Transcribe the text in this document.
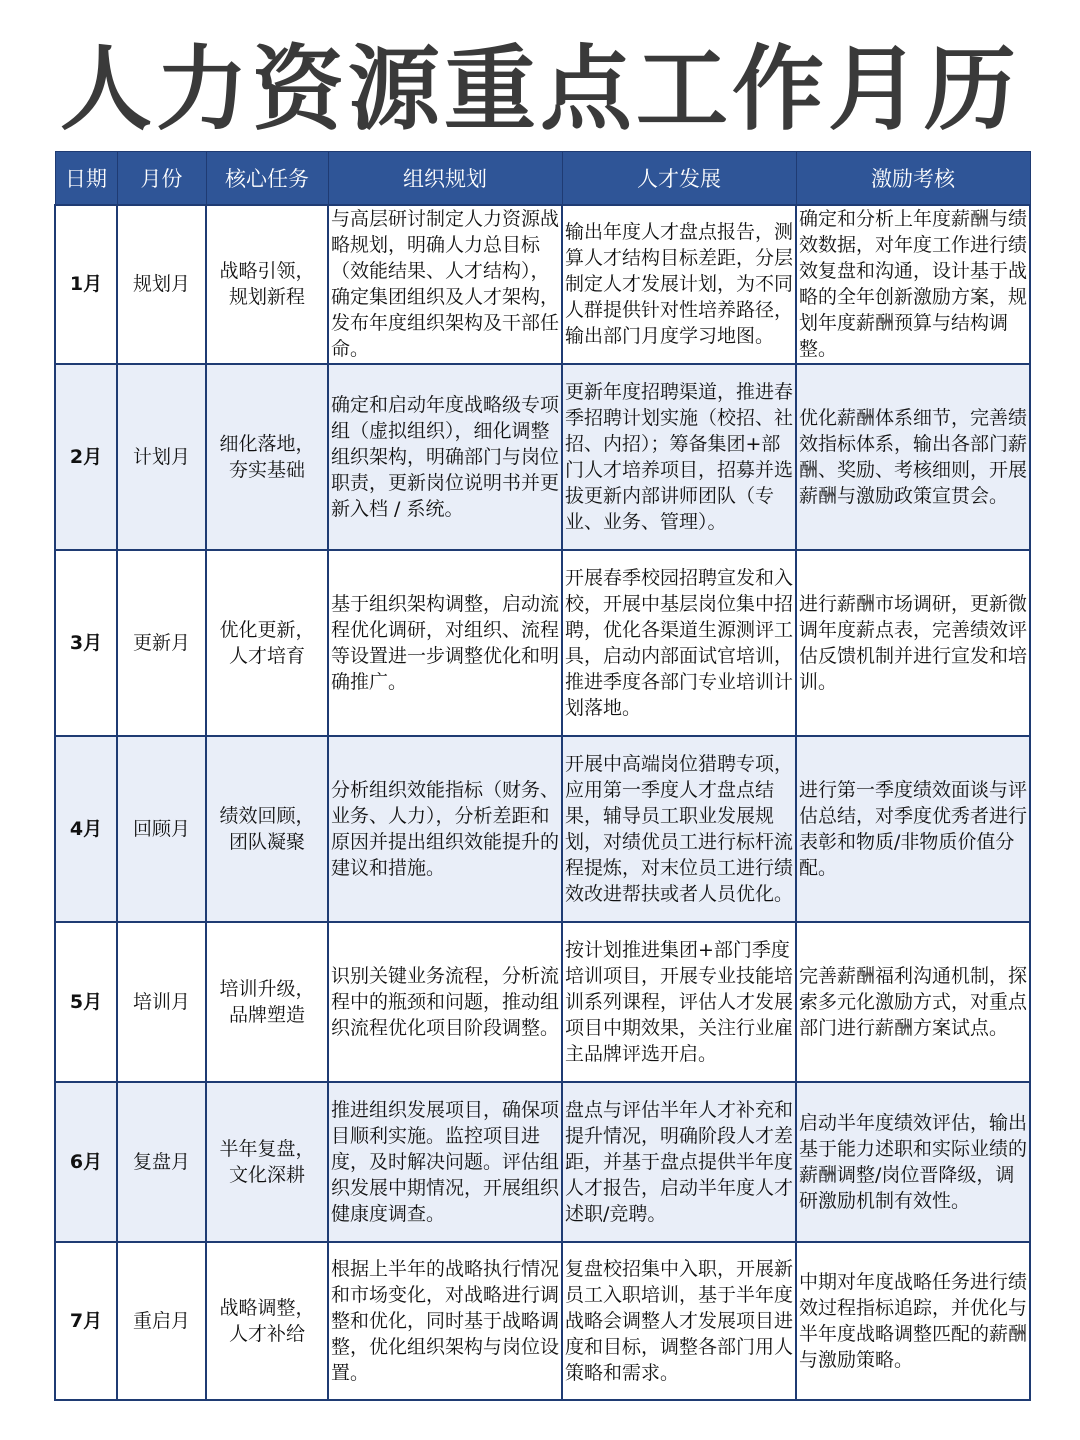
人力资源重点工作月历
日期	月份	核心任务	组织规划	人才发展	激励考核
1月	规划月	战略引领，规划新程	与高层研讨制定人力资源战略规划，明确人力总目标（效能结果、人才结构），确定集团组织及人才架构，发布年度组织架构及干部任命。	输出年度人才盘点报告，测算人才结构目标差距，分层制定人才发展计划，为不同人群提供针对性培养路径，输出部门月度学习地图。	确定和分析上年度薪酬与绩效数据，对年度工作进行绩效复盘和沟通，设计基于战略的全年创新激励方案，规划年度薪酬预算与结构调整。
2月	计划月	细化落地，夯实基础	确定和启动年度战略级专项组（虚拟组织），细化调整组织架构，明确部门与岗位职责，更新岗位说明书并更新入档 / 系统。	更新年度招聘渠道，推进春季招聘计划实施（校招、社招、内招）；筹备集团+部门人才培养项目，招募并选拔更新内部讲师团队（专业、业务、管理）。	优化薪酬体系细节，完善绩效指标体系，输出各部门薪酬、奖励、考核细则，开展薪酬与激励政策宣贯会。
3月	更新月	优化更新，人才培育	基于组织架构调整，启动流程优化调研，对组织、流程等设置进一步调整优化和明确推广。	开展春季校园招聘宣发和入校，开展中基层岗位集中招聘，优化各渠道生源测评工具，启动内部面试官培训，推进季度各部门专业培训计划落地。	进行薪酬市场调研，更新微调年度薪点表，完善绩效评估反馈机制并进行宣发和培训。
4月	回顾月	绩效回顾，团队凝聚	分析组织效能指标（财务、业务、人力），分析差距和原因并提出组织效能提升的建议和措施。	开展中高端岗位猎聘专项，应用第一季度人才盘点结果，辅导员工职业发展规划，对绩优员工进行标杆流程提炼，对末位员工进行绩效改进帮扶或者人员优化。	进行第一季度绩效面谈与评估总结，对季度优秀者进行表彰和物质/非物质价值分配。
5月	培训月	培训升级，品牌塑造	识别关键业务流程，分析流程中的瓶颈和问题，推动组织流程优化项目阶段调整。	按计划推进集团+部门季度培训项目，开展专业技能培训系列课程，评估人才发展项目中期效果，关注行业雇主品牌评选开启。	完善薪酬福利沟通机制，探索多元化激励方式，对重点部门进行薪酬方案试点。
6月	复盘月	半年复盘，文化深耕	推进组织发展项目，确保项目顺利实施。监控项目进度，及时解决问题。评估组织发展中期情况，开展组织健康度调查。	盘点与评估半年人才补充和提升情况，明确阶段人才差距，并基于盘点提供半年度人才报告，启动半年度人才述职/竞聘。	启动半年度绩效评估，输出基于能力述职和实际业绩的薪酬调整/岗位晋降级，调研激励机制有效性。
7月	重启月	战略调整，人才补给	根据上半年的战略执行情况和市场变化，对战略进行调整和优化，同时基于战略调整，优化组织架构与岗位设置。	复盘校招集中入职，开展新员工入职培训，基于半年度战略会调整人才发展项目进度和目标，调整各部门用人策略和需求。	中期对年度战略任务进行绩效过程指标追踪，并优化与半年度战略调整匹配的薪酬与激励策略。
